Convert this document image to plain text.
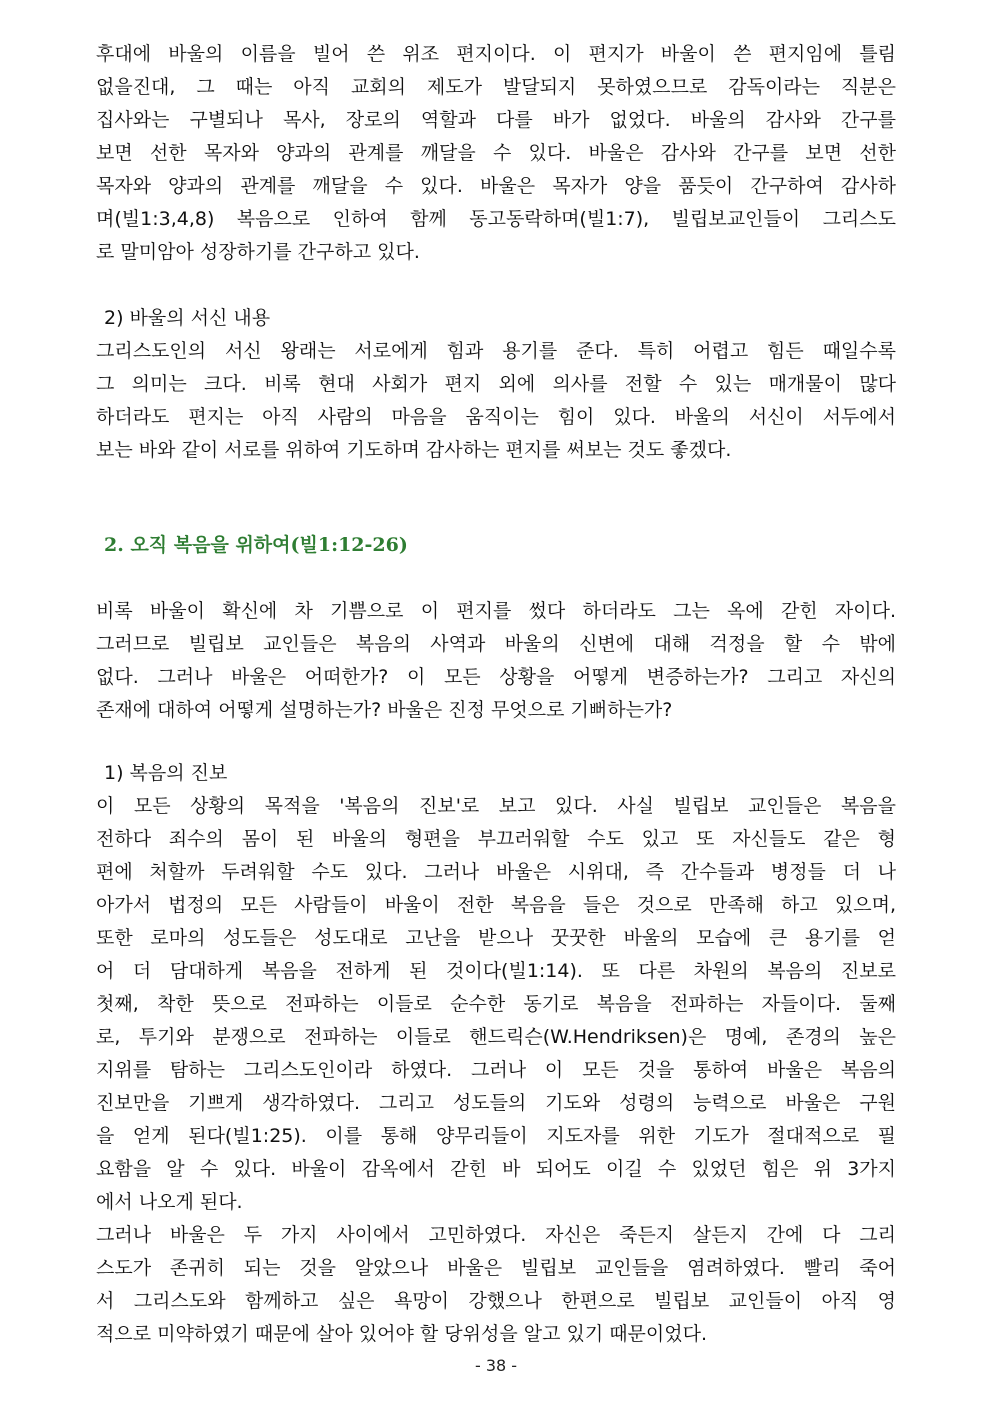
후대에 바울의 이름을 빌어 쓴 위조 편지이다. 이 편지가 바울이 쓴 편지임에 틀림
없을진대, 그 때는 아직 교회의 제도가 발달되지 못하였으므로 감독이라는 직분은
집사와는 구별되나 목사, 장로의 역할과 다를 바가 없었다. 바울의 감사와 간구를
보면 선한 목자와 양과의 관계를 깨달을 수 있다. 바울은 감사와 간구를 보면 선한
목자와 양과의 관계를 깨달을 수 있다. 바울은 목자가 양을 품듯이 간구하여 감사하
며(빌1:3,4,8) 복음으로 인하여 함께 동고동락하며(빌1:7), 빌립보교인들이 그리스도
로 말미암아 성장하기를 간구하고 있다.
2) 바울의 서신 내용
그리스도인의 서신 왕래는 서로에게 힘과 용기를 준다. 특히 어렵고 힘든 때일수록
그 의미는 크다. 비록 현대 사회가 편지 외에 의사를 전할 수 있는 매개물이 많다
하더라도 편지는 아직 사람의 마음을 움직이는 힘이 있다. 바울의 서신이 서두에서
보는 바와 같이 서로를 위하여 기도하며 감사하는 편지를 써보는 것도 좋겠다.
2. 오직 복음을 위하여(빌1:12-26)
비록 바울이 확신에 차 기쁨으로 이 편지를 썼다 하더라도 그는 옥에 갇힌 자이다.
그러므로 빌립보 교인들은 복음의 사역과 바울의 신변에 대해 걱정을 할 수 밖에
없다. 그러나 바울은 어떠한가? 이 모든 상황을 어떻게 변증하는가? 그리고 자신의
존재에 대하여 어떻게 설명하는가? 바울은 진정 무엇으로 기뻐하는가?
1) 복음의 진보
이 모든 상황의 목적을 '복음의 진보'로 보고 있다. 사실 빌립보 교인들은 복음을
전하다 죄수의 몸이 된 바울의 형편을 부끄러워할 수도 있고 또 자신들도 같은 형
편에 처할까 두려워할 수도 있다. 그러나 바울은 시위대, 즉 간수들과 병정들 더 나
아가서 법정의 모든 사람들이 바울이 전한 복음을 들은 것으로 만족해 하고 있으며,
또한 로마의 성도들은 성도대로 고난을 받으나 꿋꿋한 바울의 모습에 큰 용기를 얻
어 더 담대하게 복음을 전하게 된 것이다(빌1:14). 또 다른 차원의 복음의 진보로
첫째, 착한 뜻으로 전파하는 이들로 순수한 동기로 복음을 전파하는 자들이다. 둘째
로, 투기와 분쟁으로 전파하는 이들로 핸드릭슨(W.Hendriksen)은 명예, 존경의 높은
지위를 탐하는 그리스도인이라 하였다. 그러나 이 모든 것을 통하여 바울은 복음의
진보만을 기쁘게 생각하였다. 그리고 성도들의 기도와 성령의 능력으로 바울은 구원
을 얻게 된다(빌1:25). 이를 통해 양무리들이 지도자를 위한 기도가 절대적으로 필
요함을 알 수 있다. 바울이 감옥에서 갇힌 바 되어도 이길 수 있었던 힘은 위 3가지
에서 나오게 된다.
그러나 바울은 두 가지 사이에서 고민하였다. 자신은 죽든지 살든지 간에 다 그리
스도가 존귀히 되는 것을 알았으나 바울은 빌립보 교인들을 염려하였다. 빨리 죽어
서 그리스도와 함께하고 싶은 욕망이 강했으나 한편으로 빌립보 교인들이 아직 영
적으로 미약하였기 때문에 살아 있어야 할 당위성을 알고 있기 때문이었다.
- 38 -
